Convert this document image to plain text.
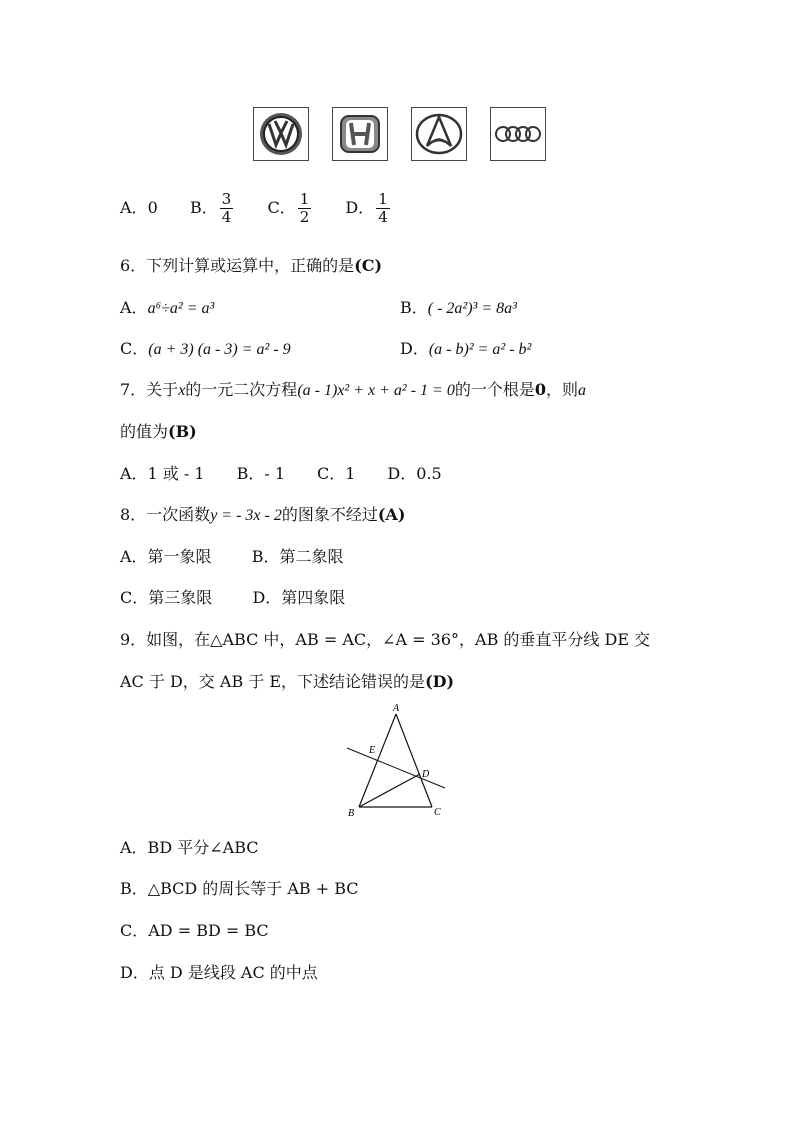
A．0 B． $\frac{3}{4}$ C． $\frac{1}{2}$ D． $\frac{1}{4}$
6．下列计算或运算中，正确的是(C)
A．a⁶÷a² = a³	B．( - 2a²)³ = 8a³
C．(a + 3) (a - 3) = a² - 9	D．(a - b)² = a² - b²
7．关于x的一元二次方程(a - 1)x² + x + a² - 1 = 0的一个根是0，则a
的值为(B)
A．1 或 - 1　　B．- 1　　C．1　　D．0.5
8．一次函数y = - 3x - 2的图象不经过(A)
A．第一象限	B．第二象限
C．第三象限	D．第四象限
9．如图，在△ABC 中，AB = AC，∠A = 36°，AB 的垂直平分线 DE 交
AC 于 D，交 AB 于 E，下述结论错误的是(D)
A
B	C
D
E
A．BD 平分∠ABC
B．△BCD 的周长等于 AB + BC
C．AD = BD = BC
D．点 D 是线段 AC 的中点
